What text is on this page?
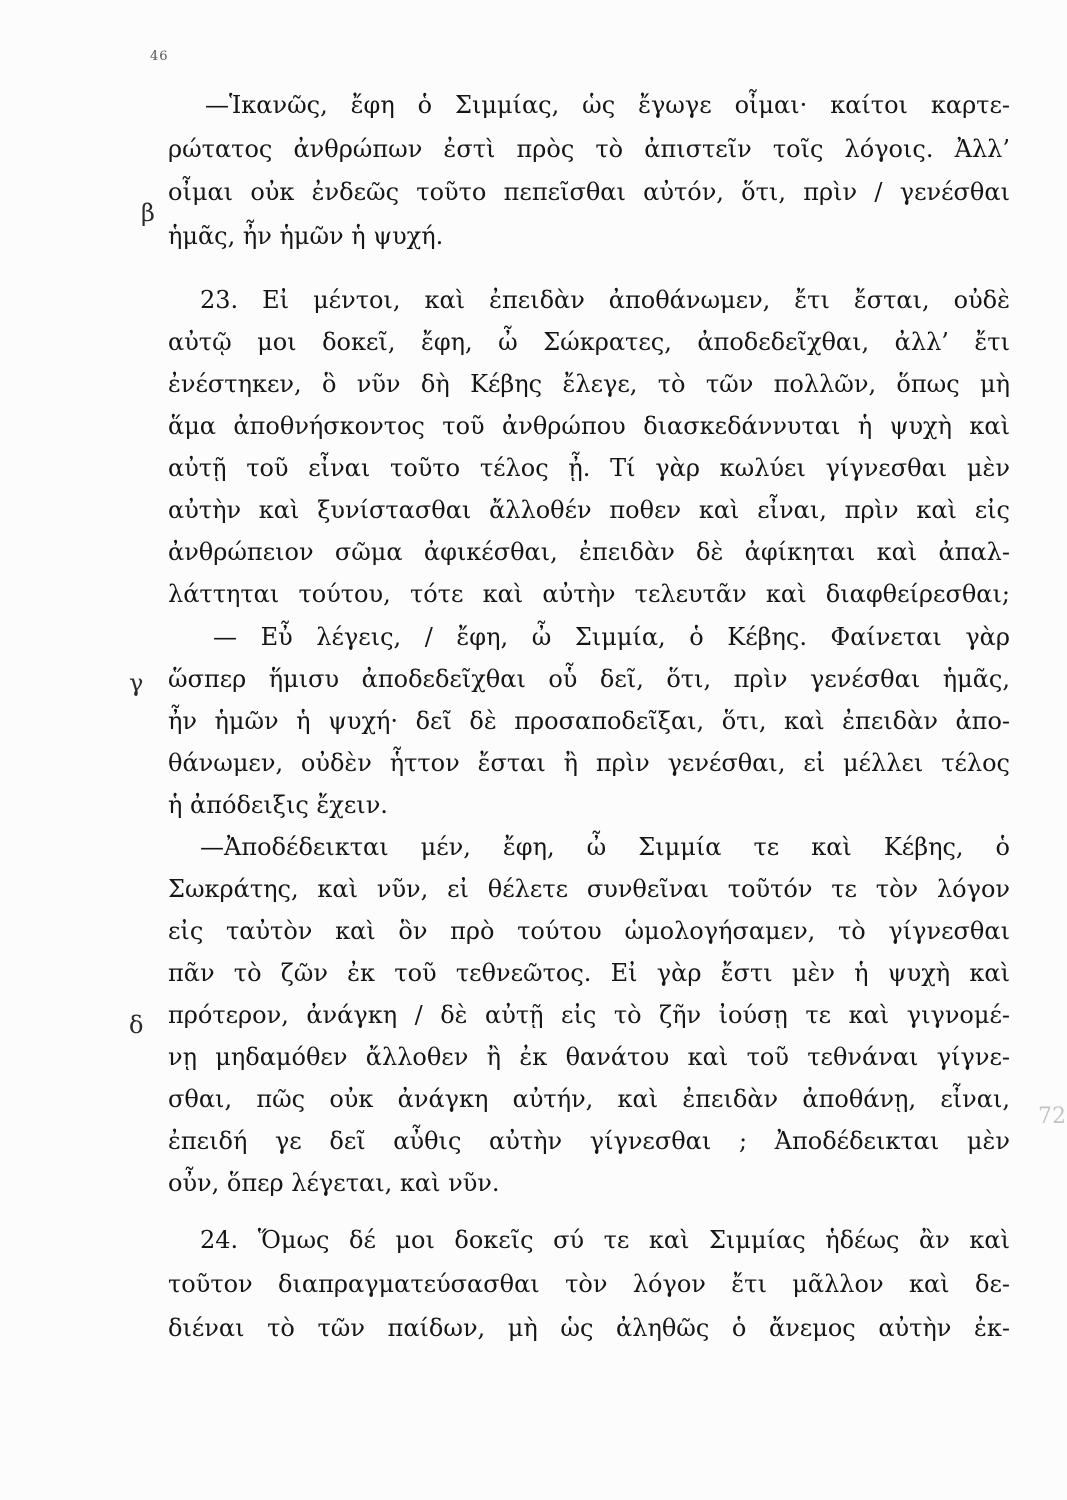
46
β
γ
δ
72
—Ἱκανῶς, ἔφη ὁ Σιμμίας, ὡς ἔγωγε οἶμαι· καίτοι καρτε-
ρώτατος ἀνθρώπων ἐστὶ πρὸς τὸ ἀπιστεῖν τοῖς λόγοις. Ἀλλ’
οἶμαι οὐκ ἐνδεῶς τοῦτο πεπεῖσθαι αὐτόν, ὅτι, πρὶν / γενέσθαι
ἡμᾶς, ἦν ἡμῶν ἡ ψυχή.
23. Εἰ μέντοι, καὶ ἐπειδὰν ἀποθάνωμεν, ἔτι ἔσται, οὐδὲ
αὐτῷ μοι δοκεῖ, ἔφη, ὦ Σώκρατες, ἀποδεδεῖχθαι, ἀλλ’ ἔτι
ἐνέστηκεν, ὃ νῦν δὴ Κέβης ἔλεγε, τὸ τῶν πολλῶν, ὅπως μὴ
ἅμα ἀποθνήσκοντος τοῦ ἀνθρώπου διασκεδάννυται ἡ ψυχὴ καὶ
αὐτῇ τοῦ εἶναι τοῦτο τέλος ᾖ. Τί γὰρ κωλύει γίγνεσθαι μὲν
αὐτὴν καὶ ξυνίστασθαι ἄλλοθέν ποθεν καὶ εἶναι, πρὶν καὶ εἰς
ἀνθρώπειον σῶμα ἀφικέσθαι, ἐπειδὰν δὲ ἀφίκηται καὶ ἀπαλ-
λάττηται τούτου, τότε καὶ αὐτὴν τελευτᾶν καὶ διαφθείρεσθαι;
— Εὖ λέγεις, / ἔφη, ὦ Σιμμία, ὁ Κέβης. Φαίνεται γὰρ
ὥσπερ ἥμισυ ἀποδεδεῖχθαι οὗ δεῖ, ὅτι, πρὶν γενέσθαι ἡμᾶς,
ἦν ἡμῶν ἡ ψυχή· δεῖ δὲ προσαποδεῖξαι, ὅτι, καὶ ἐπειδὰν ἀπο-
θάνωμεν, οὐδὲν ἧττον ἔσται ἢ πρὶν γενέσθαι, εἰ μέλλει τέλος
ἡ ἀπόδειξις ἔχειν.
—Ἀποδέδεικται μέν, ἔφη, ὦ Σιμμία τε καὶ Κέβης, ὁ
Σωκράτης, καὶ νῦν, εἰ θέλετε συνθεῖναι τοῦτόν τε τὸν λόγον
εἰς ταὐτὸν καὶ ὃν πρὸ τούτου ὡμολογήσαμεν, τὸ γίγνεσθαι
πᾶν τὸ ζῶν ἐκ τοῦ τεθνεῶτος. Εἰ γὰρ ἔστι μὲν ἡ ψυχὴ καὶ
πρότερον, ἀνάγκη / δὲ αὐτῇ εἰς τὸ ζῆν ἰούσῃ τε καὶ γιγνομέ-
νῃ μηδαμόθεν ἄλλοθεν ἢ ἐκ θανάτου καὶ τοῦ τεθνάναι γίγνε-
σθαι, πῶς οὐκ ἀνάγκη αὐτήν, καὶ ἐπειδὰν ἀποθάνῃ, εἶναι,
ἐπειδή γε δεῖ αὖθις αὐτὴν γίγνεσθαι ; Ἀποδέδεικται μὲν
οὖν, ὅπερ λέγεται, καὶ νῦν.
24. Ὅμως δέ μοι δοκεῖς σύ τε καὶ Σιμμίας ἡδέως ἂν καὶ
τοῦτον διαπραγματεύσασθαι τὸν λόγον ἔτι μᾶλλον καὶ δε-
διέναι τὸ τῶν παίδων, μὴ ὡς ἀληθῶς ὁ ἄνεμος αὐτὴν ἐκ-
